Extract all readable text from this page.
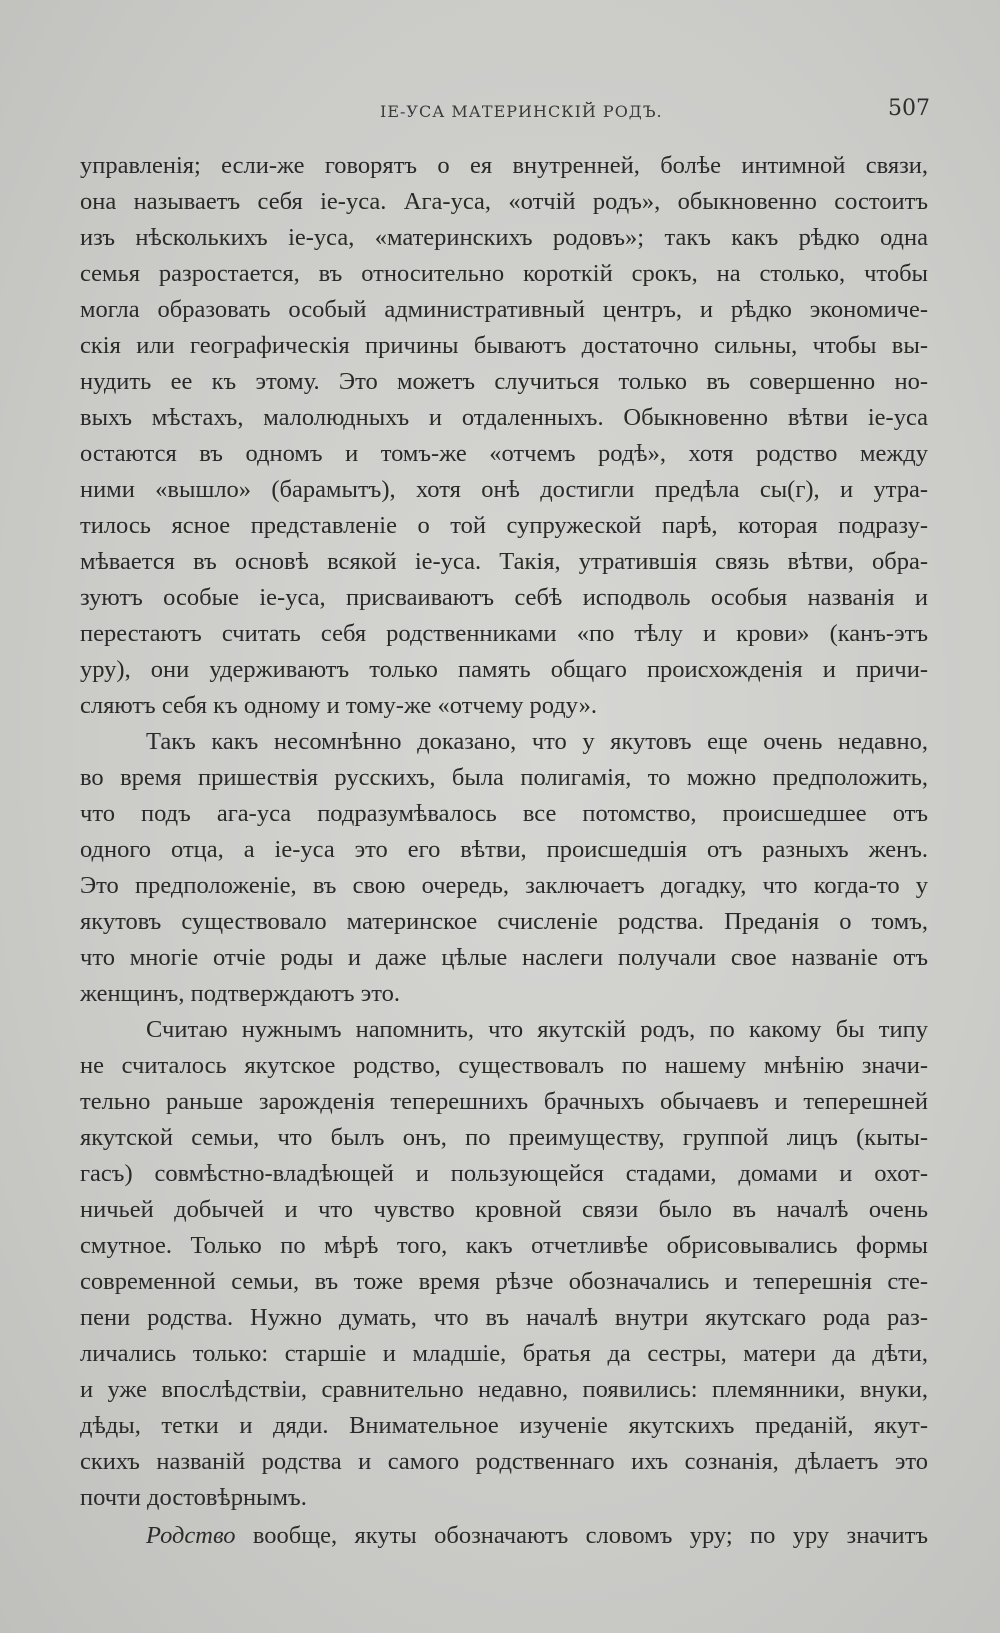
ІЕ-УСА МАТЕРИНСКІЙ РОДЪ.	507
управленія; если-же говорятъ о ея внутренней, болѣе интимной связи,
она называетъ себя іе-уса. Ага-уса, «отчій родъ», обыкновенно состоитъ
изъ нѣсколькихъ іе-уса, «материнскихъ родовъ»; такъ какъ рѣдко одна
семья разростается, въ относительно короткій срокъ, на столько, чтобы
могла образовать особый административный центръ, и рѣдко экономиче-
скія или географическія причины бываютъ достаточно сильны, чтобы вы-
нудить ее къ этому. Это можетъ случиться только въ совершенно но-
выхъ мѣстахъ, малолюдныхъ и отдаленныхъ. Обыкновенно вѣтви іе-уса
остаются въ одномъ и томъ-же «отчемъ родѣ», хотя родство между
ними «вышло» (барамытъ), хотя онѣ достигли предѣла сы(г), и утра-
тилось ясное представленіе о той супружеской парѣ, которая подразу-
мѣвается въ основѣ всякой іе-уса. Такія, утратившія связь вѣтви, обра-
зуютъ особые іе-уса, присваиваютъ себѣ исподволь особыя названія и
перестаютъ считать себя родственниками «по тѣлу и крови» (канъ-этъ
уру), они удерживаютъ только память общаго происхожденія и причи-
сляютъ себя къ одному и тому-же «отчему роду».
Такъ какъ несомнѣнно доказано, что у якутовъ еще очень недавно,
во время пришествія русскихъ, была полигамія, то можно предположить,
что подъ ага-уса подразумѣвалось все потомство, происшедшее отъ
одного отца, а іе-уса это его вѣтви, происшедшія отъ разныхъ женъ.
Это предположеніе, въ свою очередь, заключаетъ догадку, что когда-то у
якутовъ существовало материнское счисленіе родства. Преданія о томъ,
что многіе отчіе роды и даже цѣлые наслеги получали свое названіе отъ
женщинъ, подтверждаютъ это.
Считаю нужнымъ напомнить, что якутскій родъ, по какому бы типу
не считалось якутское родство, существовалъ по нашему мнѣнію значи-
тельно раньше зарожденія теперешнихъ брачныхъ обычаевъ и теперешней
якутской семьи, что былъ онъ, по преимуществу, группой лицъ (кыты-
гасъ) совмѣстно-владѣющей и пользующейся стадами, домами и охот-
ничьей добычей и что чувство кровной связи было въ началѣ очень
смутное. Только по мѣрѣ того, какъ отчетливѣе обрисовывались формы
современной семьи, въ тоже время рѣзче обозначались и теперешнія сте-
пени родства. Нужно думать, что въ началѣ внутри якутскаго рода раз-
личались только: старшіе и младшіе, братья да сестры, матери да дѣти,
и уже впослѣдствіи, сравнительно недавно, появились: племянники, внуки,
дѣды, тетки и дяди. Внимательное изученіе якутскихъ преданій, якут-
скихъ названій родства и самого родственнаго ихъ сознанія, дѣлаетъ это
почти достовѣрнымъ.
Родство вообще, якуты обозначаютъ словомъ уру; по уру значитъ
